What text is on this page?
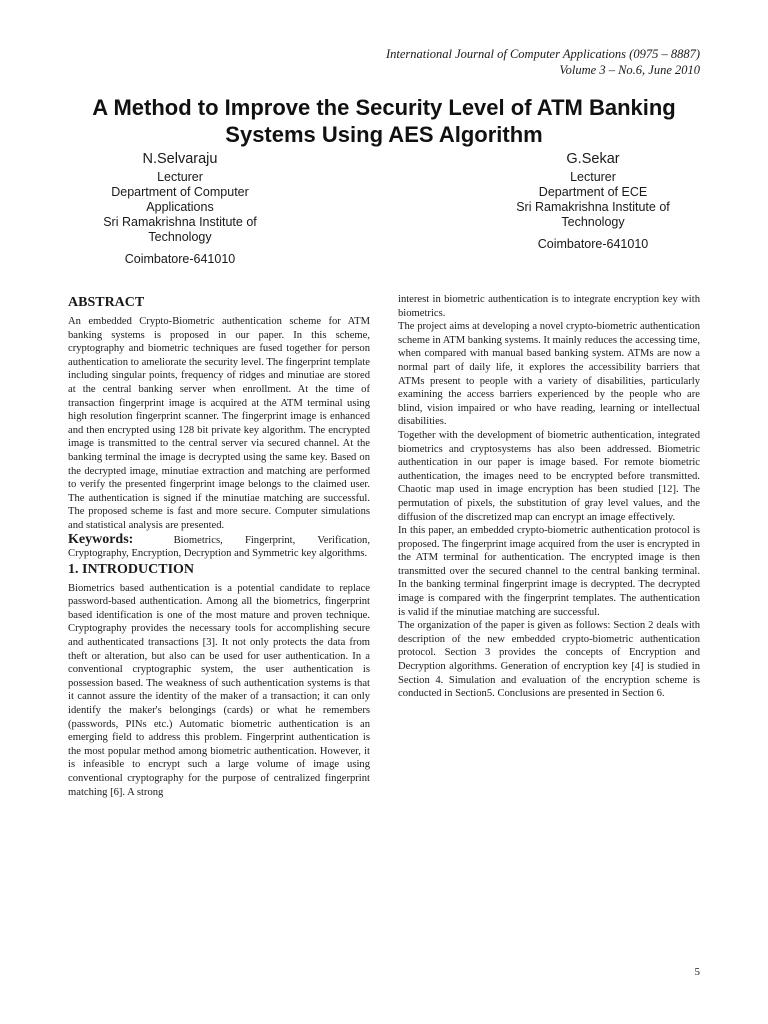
International Journal of Computer Applications (0975 – 8887)
Volume 3 – No.6, June 2010
A Method to Improve the Security Level of ATM Banking
Systems Using AES Algorithm
N.Selvaraju
Lecturer
Department of Computer
Applications
Sri Ramakrishna Institute of
Technology
Coimbatore-641010
G.Sekar
Lecturer
Department of ECE
Sri Ramakrishna Institute of
Technology
Coimbatore-641010
ABSTRACT

An embedded Crypto-Biometric authentication scheme for ATM banking systems is proposed in our paper. In this scheme, cryptography and biometric techniques are fused together for person authentication to ameliorate the security level. The fingerprint template including singular points, frequency of ridges and minutiae are stored at the central banking server when enrollment. At the time of transaction fingerprint image is acquired at the ATM terminal using high resolution fingerprint scanner. The fingerprint image is enhanced and then encrypted using 128 bit private key algorithm. The encrypted image is transmitted to the central server via secured channel. At the banking terminal the image is decrypted using the same key. Based on the decrypted image, minutiae extraction and matching are performed to verify the presented fingerprint image belongs to the claimed user. The authentication is signed if the minutiae matching are successful. The proposed scheme is fast and more secure. Computer simulations and statistical analysis are presented.

Keywords:	Biometrics, Fingerprint, Verification, Cryptography, Encryption, Decryption and Symmetric key algorithms.

1. INTRODUCTION

Biometrics based authentication is a potential candidate to replace password-based authentication. Among all the biometrics, fingerprint based identification is one of the most mature and proven technique. Cryptography provides the necessary tools for accomplishing secure and authenticated transactions [3]. It not only protects the data from theft or alteration, but also can be used for user authentication. In a conventional cryptographic system, the user authentication is possession based. The weakness of such authentication systems is that it cannot assure the identity of the maker of a transaction; it can only identify the maker's belongings (cards) or what he remembers (passwords, PINs etc.) Automatic biometric authentication is an emerging field to address this problem. Fingerprint authentication is the most popular method among biometric authentication. However, it is infeasible to encrypt such a large volume of image using conventional cryptography for the purpose of centralized fingerprint matching [6]. A strong

interest in biometric authentication is to integrate encryption key with biometrics.

The project aims at developing a novel crypto-biometric authentication scheme in ATM banking systems. It mainly reduces the accessing time, when compared with manual based banking system. ATMs are now a normal part of daily life, it explores the accessibility barriers that ATMs present to people with a variety of disabilities, particularly examining the access barriers experienced by the people who are blind, vision impaired or who have reading, learning or intellectual disabilities.

Together with the development of biometric authentication, integrated biometrics and cryptosystems has also been addressed. Biometric authentication in our paper is image based. For remote biometric authentication, the images need to be encrypted before transmitted. Chaotic map used in image encryption has been studied [12]. The permutation of pixels, the substitution of gray level values, and the diffusion of the discretized map can encrypt an image effectively.

In this paper, an embedded crypto-biometric authentication protocol is proposed. The fingerprint image acquired from the user is encrypted in the ATM terminal for authentication. The encrypted image is then transmitted over the secured channel to the central banking terminal. In the banking terminal fingerprint image is decrypted. The decrypted image is compared with the fingerprint templates. The authentication is valid if the minutiae matching are successful.

The organization of the paper is given as follows: Section 2 deals with description of the new embedded crypto-biometric authentication protocol. Section 3 provides the concepts of Encryption and Decryption algorithms. Generation of encryption key [4] is studied in Section 4. Simulation and evaluation of the encryption scheme is conducted in Section5. Conclusions are presented in Section 6.

5
